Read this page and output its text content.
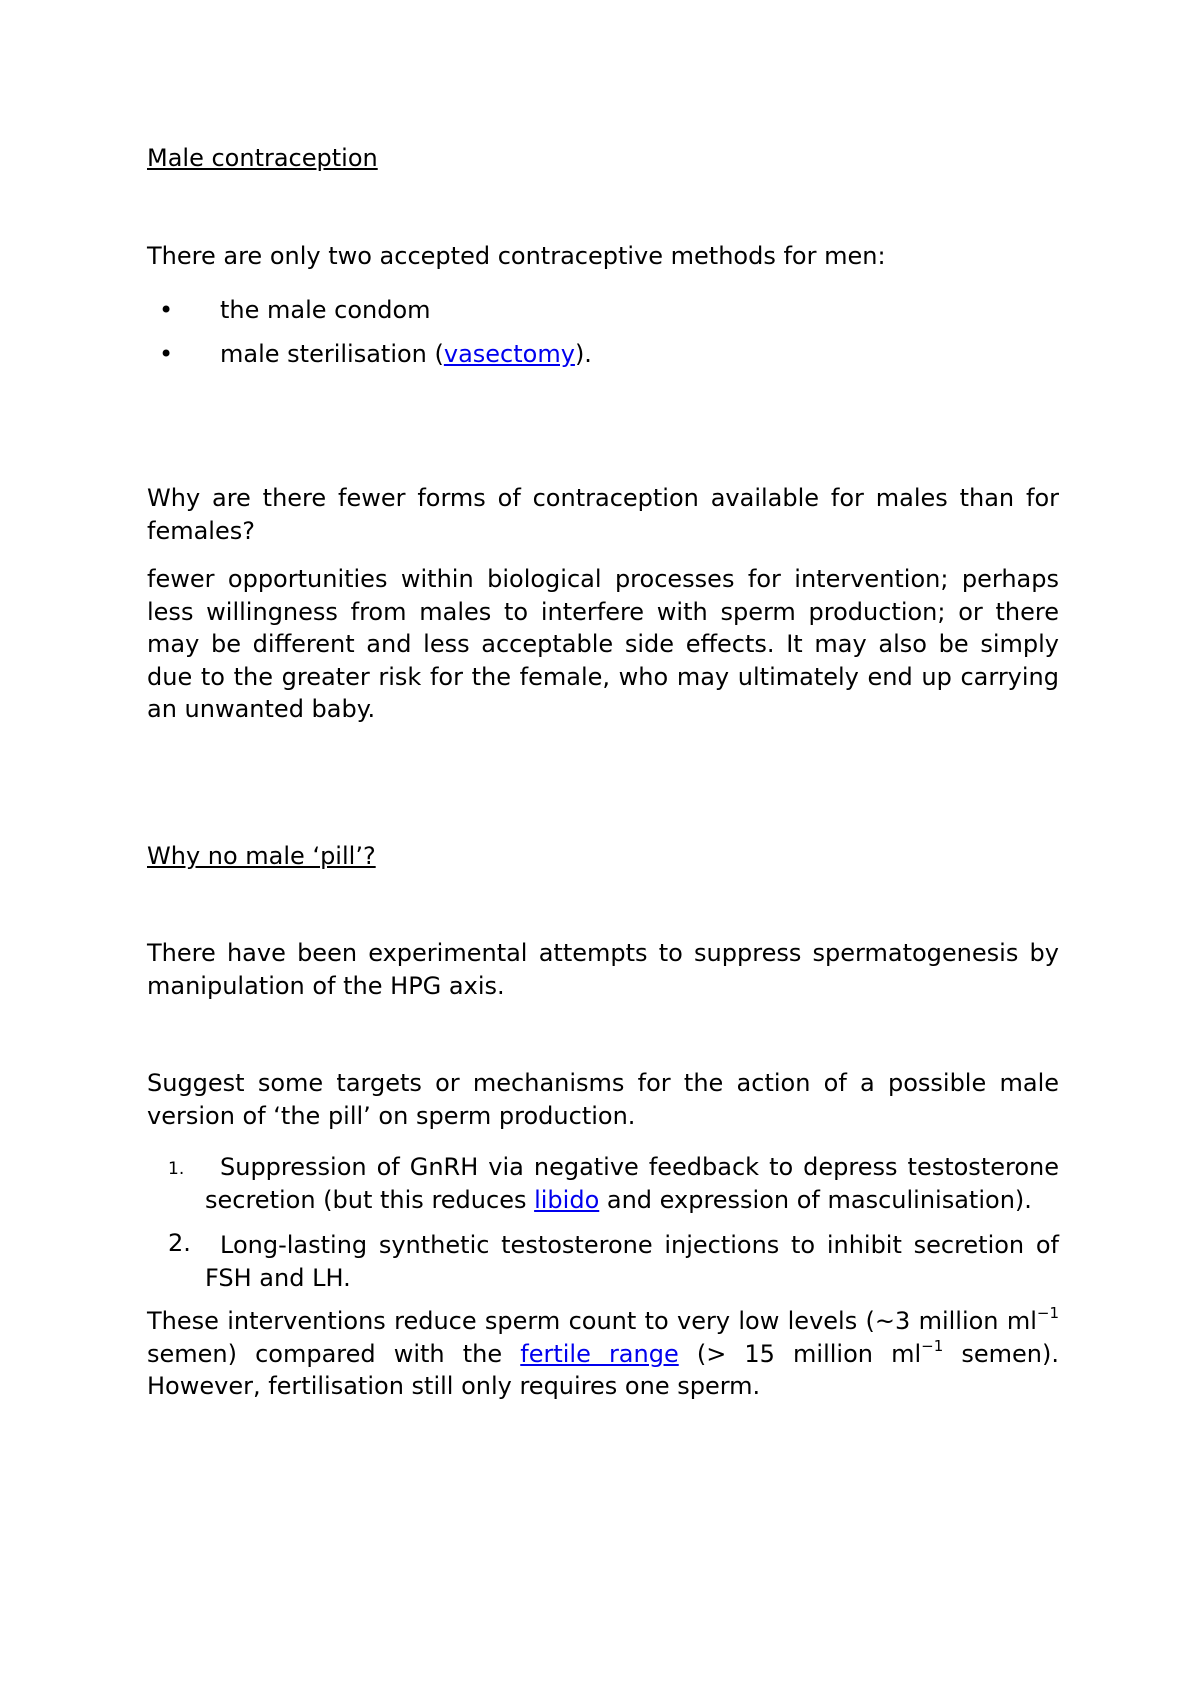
Male contraception
There are only two accepted contraceptive methods for men:
• the male condom
• male sterilisation (vasectomy).

Why are there fewer forms of contraception available for males than for females?

fewer opportunities within biological processes for intervention; perhaps less willingness from males to interfere with sperm production; or there may be different and less acceptable side effects. It may also be simply due to the greater risk for the female, who may ultimately end up carrying an unwanted baby.

Why no male ‘pill’?

There have been experimental attempts to suppress spermatogenesis by manipulation of the HPG axis.

Suggest some targets or mechanisms for the action of a possible male version of ‘the pill’ on sperm production.

1.	Suppression of GnRH via negative feedback to depress testosterone secretion (but this reduces libido and expression of masculinisation).

2.	Long-lasting synthetic testosterone injections to inhibit secretion of FSH and LH.

These interventions reduce sperm count to very low levels (~3 million $ml^{-1}$ semen) compared with the fertile range (> 15 million $ml^{-1}$ semen). However, fertilisation still only requires one sperm.
